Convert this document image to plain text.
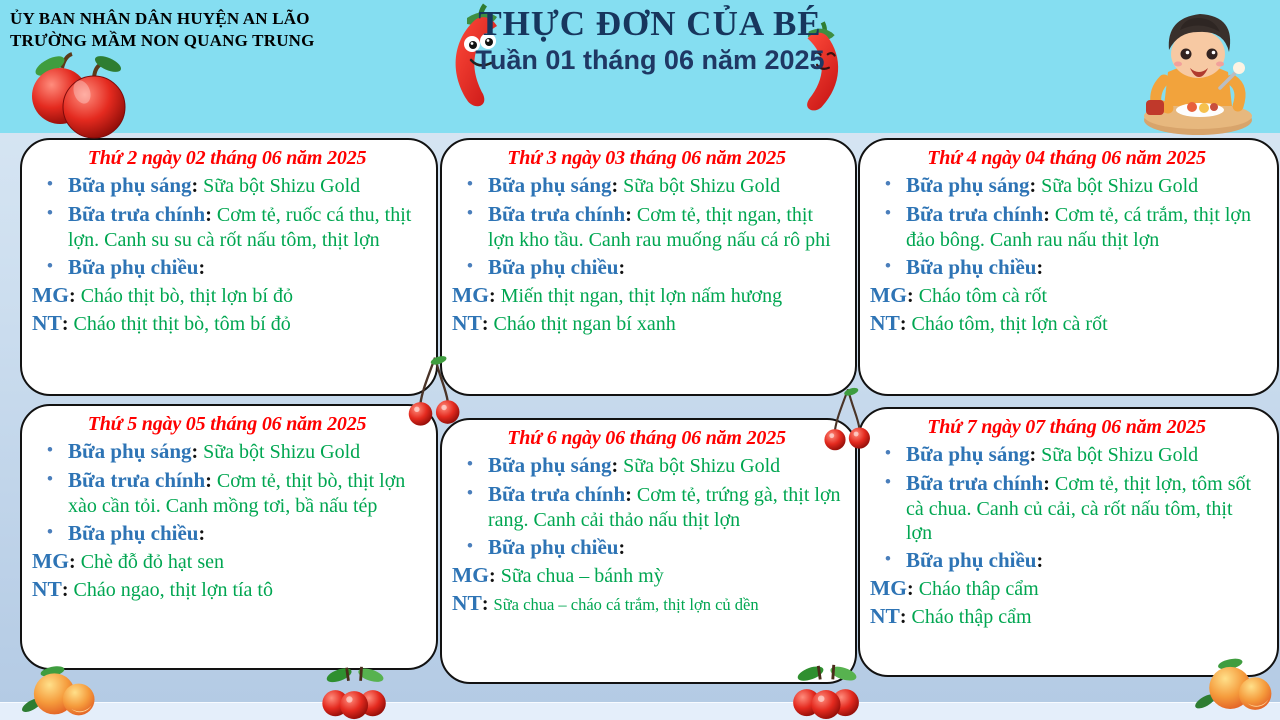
ỦY BAN NHÂN DÂN HUYỆN AN LÃO
TRƯỜNG MẦM NON QUANG TRUNG	THỰC ĐƠN CỦA BÉ
Tuần 01 tháng 06 năm 2025
Thứ 2 ngày 02 tháng 06 năm 2025
• Bữa phụ sáng: Sữa bột Shizu Gold

• Bữa trưa chính: Cơm tẻ, ruốc cá thu, thịt lợn. Canh su su cà rốt nấu tôm, thịt lợn

• Bữa phụ chiều:

MG: Cháo thịt bò, thịt lợn bí đỏ
NT: Cháo thịt thịt bò, tôm bí đỏ
Thứ 3 ngày 03 tháng 06 năm 2025
• Bữa phụ sáng: Sữa bột Shizu Gold

• Bữa trưa chính: Cơm tẻ, thịt ngan, thịt lợn kho tầu. Canh rau muống nấu cá rô phi

• Bữa phụ chiều:

MG: Miến thịt ngan, thịt lợn nấm hương
NT: Cháo thịt ngan bí xanh
Thứ 4 ngày 04 tháng 06 năm 2025
• Bữa phụ sáng: Sữa bột Shizu Gold

• Bữa trưa chính: Cơm tẻ, cá trắm, thịt lợn đảo bông. Canh rau nấu thịt lợn

• Bữa phụ chiều:

MG: Cháo tôm cà rốt
NT: Cháo tôm, thịt lợn cà rốt
Thứ 5 ngày 05 tháng 06 năm 2025
• Bữa phụ sáng: Sữa bột Shizu Gold

• Bữa trưa chính: Cơm tẻ, thịt bò, thịt lợn xào cần tỏi. Canh mồng tơi, bầ nấu tép

• Bữa phụ chiều:

MG: Chè đỗ đỏ hạt sen
NT: Cháo ngao, thịt lợn tía tô
Thứ 6 ngày 06 tháng 06 năm 2025
• Bữa phụ sáng: Sữa bột Shizu Gold

• Bữa trưa chính: Cơm tẻ, trứng gà, thịt lợn rang. Canh cải thảo nấu thịt lợn

• Bữa phụ chiều:

MG: Sữa chua – bánh mỳ
NT: Sữa chua – cháo cá trắm, thịt lợn củ dền
Thứ 7 ngày 07 tháng 06 năm 2025
• Bữa phụ sáng: Sữa bột Shizu Gold

• Bữa trưa chính: Cơm tẻ, thịt lợn, tôm sốt cà chua. Canh củ cải, cà rốt nấu tôm, thịt lợn

• Bữa phụ chiều:

MG: Cháo thâp cẩm
NT: Cháo thập cẩm
